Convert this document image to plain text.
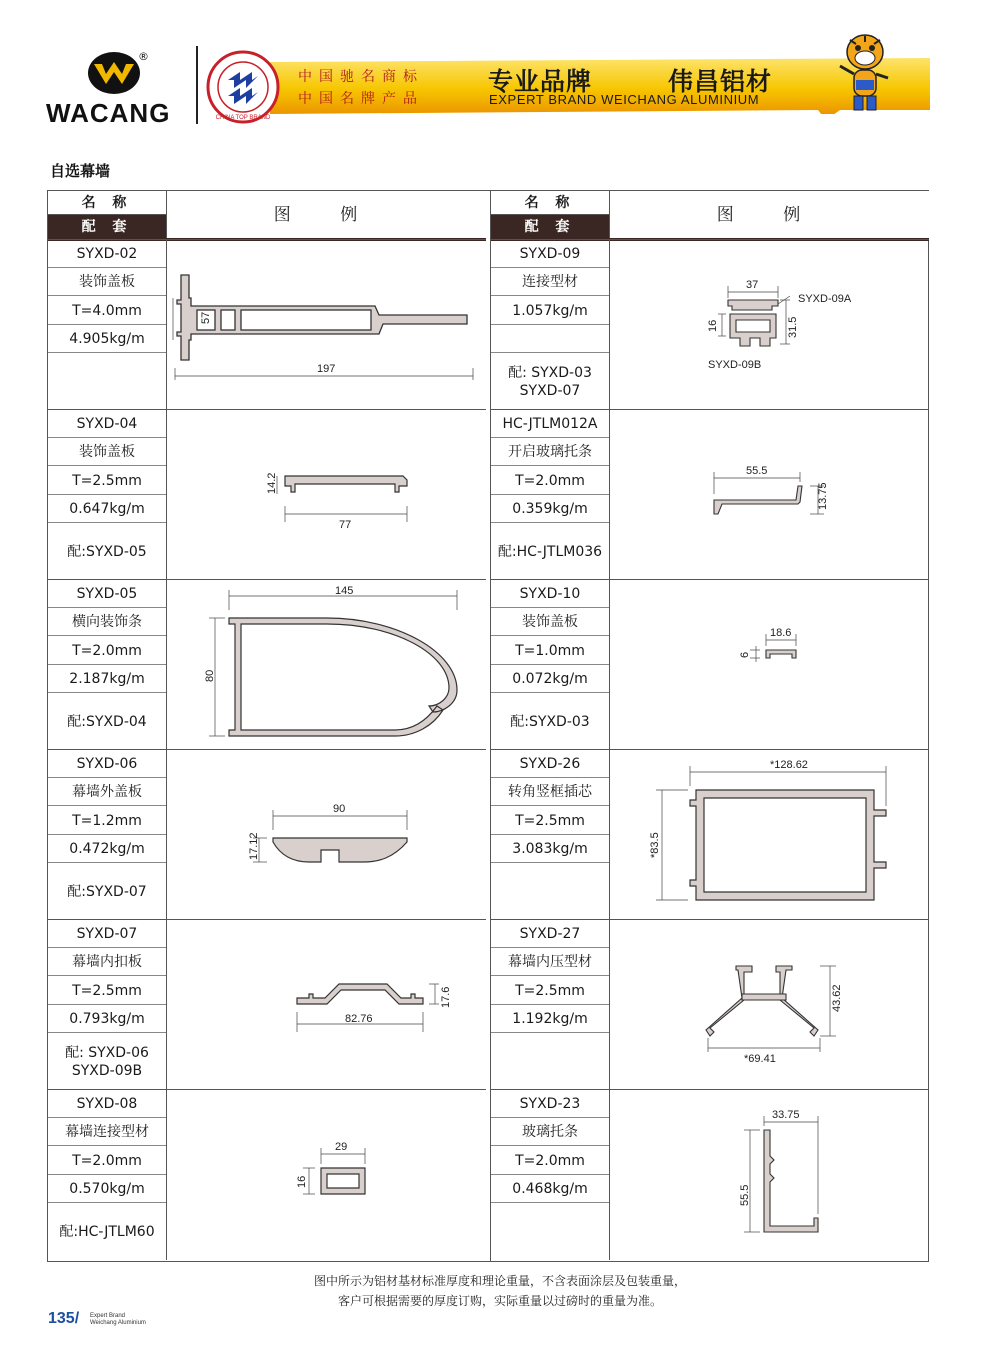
®
WACANG	CHINA TOP BRAND
中国驰名商标
中国名牌产品
专业品牌	伟昌铝材
EXPERT BRAND WEICHANG ALUMINIUM
自选幕墙
名 称
配 套
图 例
SYXD-02
装饰盖板
T=4.0mm
4.905kg/m
57
197
SYXD-04
装饰盖板
T=2.5mm
0.647kg/m
配:SYXD-05
14.2
77
SYXD-05
横向装饰条
T=2.0mm
2.187kg/m
配:SYXD-04
145
80
SYXD-06
幕墙外盖板
T=1.2mm
0.472kg/m
配:SYXD-07
90
17.12
SYXD-07
幕墙内扣板
T=2.5mm
0.793kg/m
配: SYXD-06
SYXD-09B
17.6
82.76
SYXD-08
幕墙连接型材
T=2.0mm
0.570kg/m
配:HC-JTLM60
29
16
名 称
配 套
图 例
SYXD-09
连接型材
1.057kg/m
配: SYXD-03
SYXD-07
37
SYXD-09A
16	31.5
SYXD-09B
HC-JTLM012A
开启玻璃托条
T=2.0mm
0.359kg/m
配:HC-JTLM036
55.5
13.75
SYXD-10
装饰盖板
T=1.0mm
0.072kg/m
配:SYXD-03
18.6
6
SYXD-26
转角竖框插芯
T=2.5mm
3.083kg/m
*128.62
*83.5
SYXD-27
幕墙内压型材
T=2.5mm
1.192kg/m
43.62
*69.41
SYXD-23
玻璃托条
T=2.0mm
0.468kg/m
33.75
55.5
图中所示为铝材基材标准厚度和理论重量，不含表面涂层及包装重量，
客户可根据需要的厚度订购，实际重量以过磅时的重量为准。
135/ Expert Brand
Weichang Aluminium
